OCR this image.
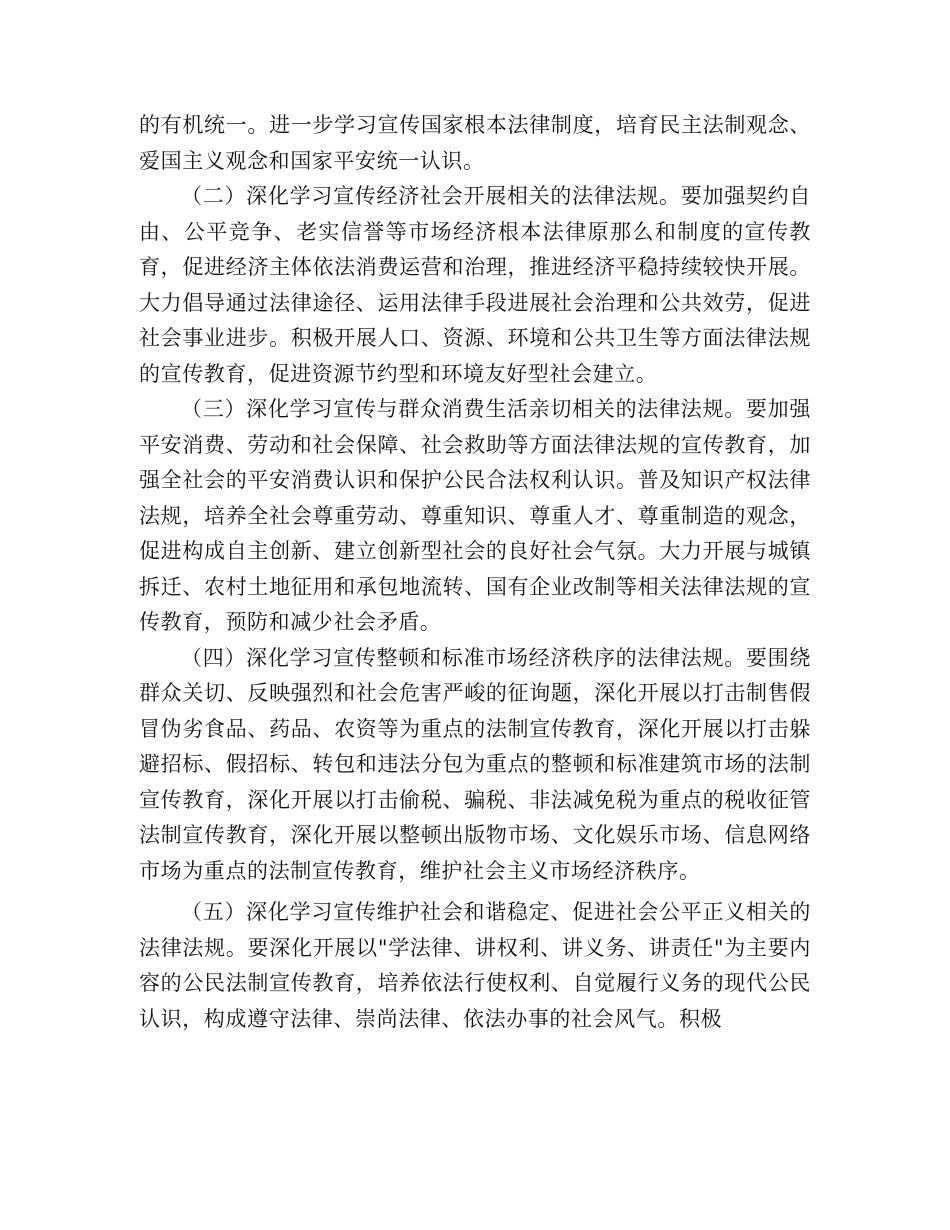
的有机统一。进一步学习宣传国家根本法律制度，培育民主法制观念、爱国主义观念和国家平安统一认识。

（二）深化学习宣传经济社会开展相关的法律法规。要加强契约自由、公平竞争、老实信誉等市场经济根本法律原那么和制度的宣传教育，促进经济主体依法消费运营和治理，推进经济平稳持续较快开展。大力倡导通过法律途径、运用法律手段进展社会治理和公共效劳，促进社会事业进步。积极开展人口、资源、环境和公共卫生等方面法律法规的宣传教育，促进资源节约型和环境友好型社会建立。

（三）深化学习宣传与群众消费生活亲切相关的法律法规。要加强平安消费、劳动和社会保障、社会救助等方面法律法规的宣传教育，加强全社会的平安消费认识和保护公民合法权利认识。普及知识产权法律法规，培养全社会尊重劳动、尊重知识、尊重人才、尊重制造的观念，促进构成自主创新、建立创新型社会的良好社会气氛。大力开展与城镇拆迁、农村土地征用和承包地流转、国有企业改制等相关法律法规的宣传教育，预防和减少社会矛盾。

（四）深化学习宣传整顿和标准市场经济秩序的法律法规。要围绕群众关切、反映强烈和社会危害严峻的征询题，深化开展以打击制售假冒伪劣食品、药品、农资等为重点的法制宣传教育，深化开展以打击躲避招标、假招标、转包和违法分包为重点的整顿和标准建筑市场的法制宣传教育，深化开展以打击偷税、骗税、非法减免税为重点的税收征管法制宣传教育，深化开展以整顿出版物市场、文化娱乐市场、信息网络市场为重点的法制宣传教育，维护社会主义市场经济秩序。

（五）深化学习宣传维护社会和谐稳定、促进社会公平正义相关的法律法规。要深化开展以"学法律、讲权利、讲义务、讲责任"为主要内容的公民法制宣传教育，培养依法行使权利、自觉履行义务的现代公民认识，构成遵守法律、崇尚法律、依法办事的社会风气。积极
